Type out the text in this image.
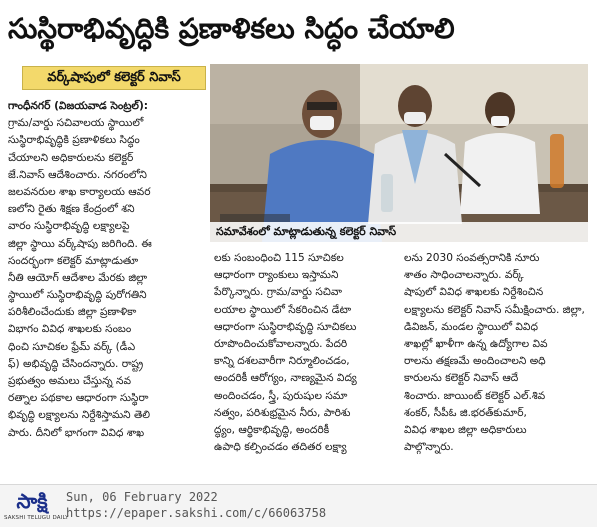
సుస్థిరాభివృద్ధికి ప్రణాళికలు సిద్ధం చేయాలి
వర్క్‌షాపులో కలెక్టర్‌ నివాస్‌
సమావేశంలో మాట్లాడుతున్న కలెక్టర్‌ నివాస్‌
గాంధీనగర్‌ (విజయవాడ సెంట్రల్‌):
గ్రామ/వార్డు సచివాలయ స్థాయిలో
సుస్థిరాభివృద్ధికి ప్రణాళికలు సిద్ధం
చేయాలని అధికారులను కలెక్టర్‌
జే.నివాస్‌ ఆదేశించారు. నగరంలోని
జలవనరుల శాఖ కార్యాలయ ఆవర
ణలోని రైతు శిక్షణ కేంద్రంలో శని
వారం సుస్థిరాభివృద్ధి లక్ష్యాలపై
జిల్లా స్థాయి వర్క్‌షాపు జరిగింది. ఈ
సందర్భంగా కలెక్టర్‌ మాట్లాడుతూ
నీతి ఆయోగ్‌ ఆదేశాల మేరకు జిల్లా
స్థాయిలో సుస్థిరాభివృద్ధి పురోగతిని
పరిశీలించేందుకు జిల్లా ప్రణాళికా
విభాగం వివిధ శాఖలకు సంబం
ధించి సూచికల ఫ్రేమ్‌ వర్క్‌ (డీఎ
ఫ్‌) అభివృద్ధి చేసిందన్నారు. రాష్ట్ర
ప్రభుత్వం అమలు చేస్తున్న నవ
రత్నాల పథకాల ఆధారంగా సుస్థిరా
భివృద్ధి లక్ష్యాలను నిర్దేశిస్తామని తెలి
పారు. దీనిలో భాగంగా వివిధ శాఖ
లకు సంబంధించి 115 సూచికల
ఆధారంగా ర్యాంకులు ఇస్తామని
పేర్కొన్నారు. గ్రామ/వార్డు సచివా
లయాల స్థాయిలో సేకరించిన డేటా
ఆధారంగా సుస్థిరాభివృద్ధి సూచికలు
రూపొందించుకోవాలన్నారు. పేదరి
కాన్ని దశలవారీగా నిర్మూలించడం,
అందరికీ ఆరోగ్యం, నాణ్యమైన విద్య
అందించడం, స్త్రీ, పురుషుల సమా
నత్వం, పరిశుభ్రమైన నీరు, పారిశు
ద్ధ్యం, ఆర్థికాభివృద్ధి, అందరికీ
ఉపాధి కల్పించడం తదితర లక్ష్యా
లను 2030 సంవత్సరానికి నూరు
శాతం సాధించాలన్నారు. వర్క్‌
షాపులో వివిధ శాఖలకు నిర్దేశించిన
లక్ష్యాలను కలెక్టర్‌ నివాస్‌ సమీక్షించారు. జిల్లా,
డివిజన్‌, మండల స్థాయిలో వివిధ
శాఖల్లో ఖాళీగా ఉన్న ఉద్యోగాల వివ
రాలను తక్షణమే అందించాలని అధి
కారులను కలెక్టర్‌ నివాస్‌ ఆదే
శించారు. జాయింట్‌ కలెక్టర్‌ ఎల్‌.శివ
శంకర్‌, సీపీఓ జి.భరత్‌కుమార్‌,
వివిధ శాఖల జిల్లా అధికారులు
పాల్గొన్నారు.
సాక్షి
SAKSHI TELUGU DAILY
Sun, 06 February 2022
https://epaper.sakshi.com/c/66063758
